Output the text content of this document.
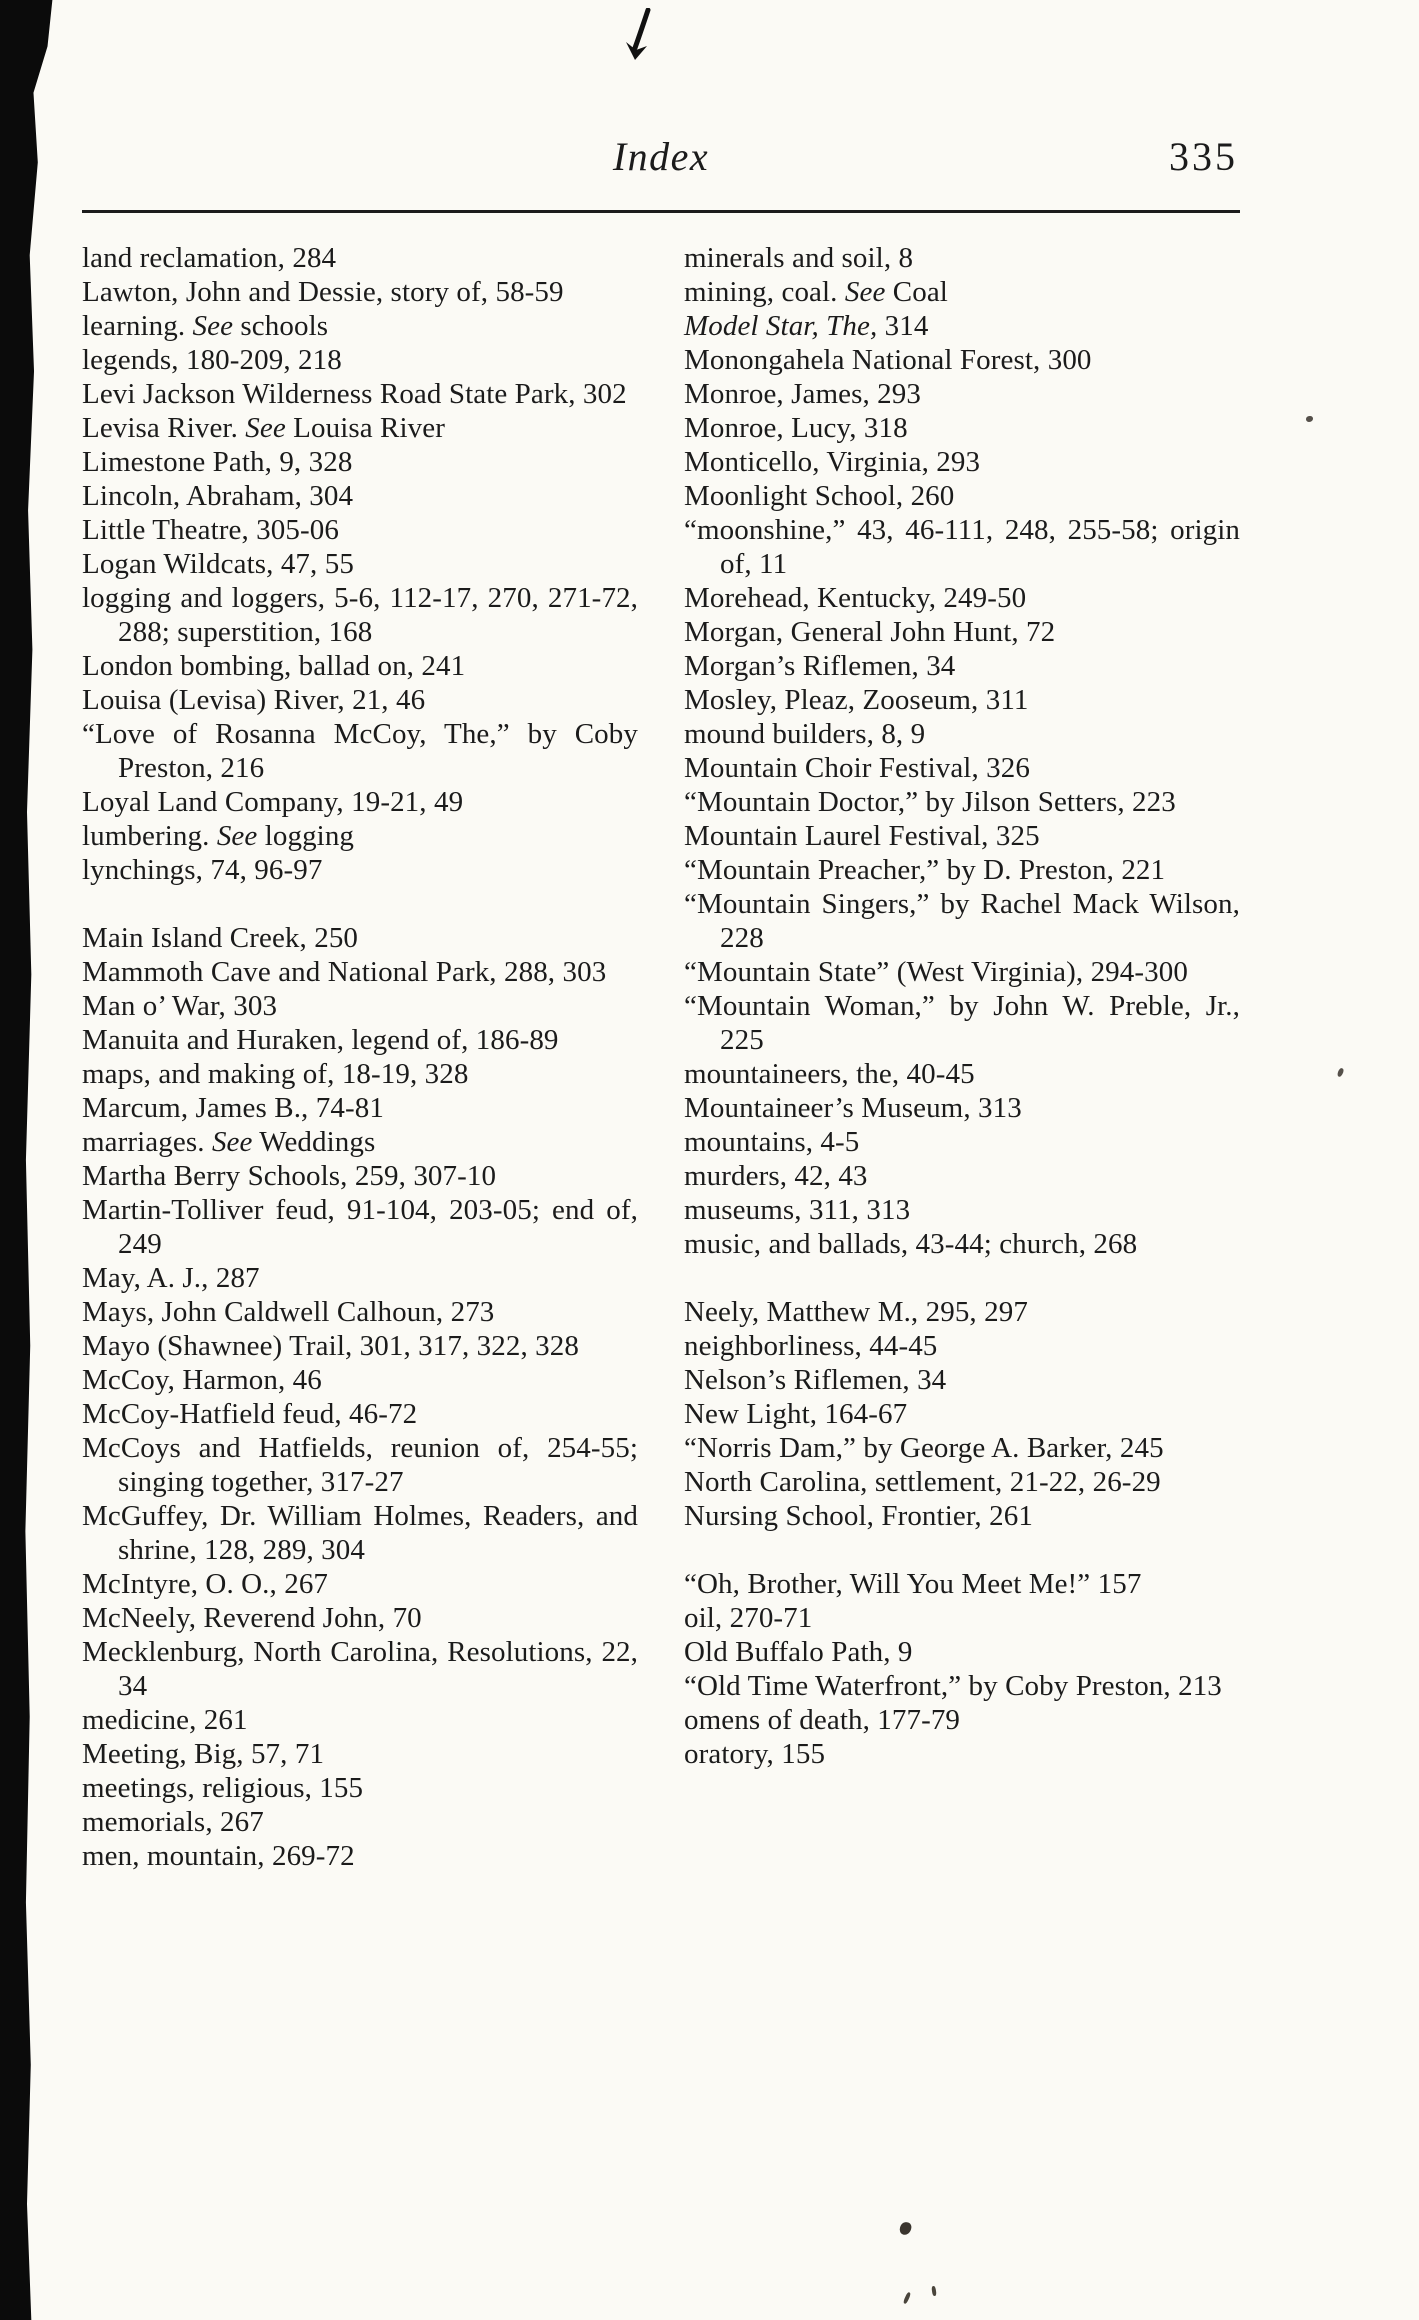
Index	335
land reclamation, 284
Lawton, John and Dessie, story of, 58-59
learning. See schools
legends, 180-209, 218
Levi Jackson Wilderness Road State Park, 302
Levisa River. See Louisa River
Limestone Path, 9, 328
Lincoln, Abraham, 304
Little Theatre, 305-06
Logan Wildcats, 47, 55
logging and loggers, 5-6, 112-17, 270, 271-72, 288; superstition, 168
London bombing, ballad on, 241
Louisa (Levisa) River, 21, 46
“Love of Rosanna McCoy, The,” by Coby Preston, 216
Loyal Land Company, 19-21, 49
lumbering. See logging
lynchings, 74, 96-97
Main Island Creek, 250
Mammoth Cave and National Park, 288, 303
Man o’ War, 303
Manuita and Huraken, legend of, 186-89
maps, and making of, 18-19, 328
Marcum, James B., 74-81
marriages. See Weddings
Martha Berry Schools, 259, 307-10
Martin-Tolliver feud, 91-104, 203-05; end of, 249
May, A. J., 287
Mays, John Caldwell Calhoun, 273
Mayo (Shawnee) Trail, 301, 317, 322, 328
McCoy, Harmon, 46
McCoy-Hatfield feud, 46-72
McCoys and Hatfields, reunion of, 254-55; singing together, 317-27
McGuffey, Dr. William Holmes, Readers, and shrine, 128, 289, 304
McIntyre, O. O., 267
McNeely, Reverend John, 70
Mecklenburg, North Carolina, Resolutions, 22, 34
medicine, 261
Meeting, Big, 57, 71
meetings, religious, 155
memorials, 267
men, mountain, 269-72
minerals and soil, 8
mining, coal. See Coal
Model Star, The, 314
Monongahela National Forest, 300
Monroe, James, 293
Monroe, Lucy, 318
Monticello, Virginia, 293
Moonlight School, 260
“moonshine,” 43, 46-111, 248, 255-58; origin of, 11
Morehead, Kentucky, 249-50
Morgan, General John Hunt, 72
Morgan’s Riflemen, 34
Mosley, Pleaz, Zooseum, 311
mound builders, 8, 9
Mountain Choir Festival, 326
“Mountain Doctor,” by Jilson Setters, 223
Mountain Laurel Festival, 325
“Mountain Preacher,” by D. Preston, 221
“Mountain Singers,” by Rachel Mack Wilson, 228
“Mountain State” (West Virginia), 294-300
“Mountain Woman,” by John W. Preble, Jr., 225
mountaineers, the, 40-45
Mountaineer’s Museum, 313
mountains, 4-5
murders, 42, 43
museums, 311, 313
music, and ballads, 43-44; church, 268
Neely, Matthew M., 295, 297
neighborliness, 44-45
Nelson’s Riflemen, 34
New Light, 164-67
“Norris Dam,” by George A. Barker, 245
North Carolina, settlement, 21-22, 26-29
Nursing School, Frontier, 261
“Oh, Brother, Will You Meet Me!” 157
oil, 270-71
Old Buffalo Path, 9
“Old Time Waterfront,” by Coby Preston, 213
omens of death, 177-79
oratory, 155
